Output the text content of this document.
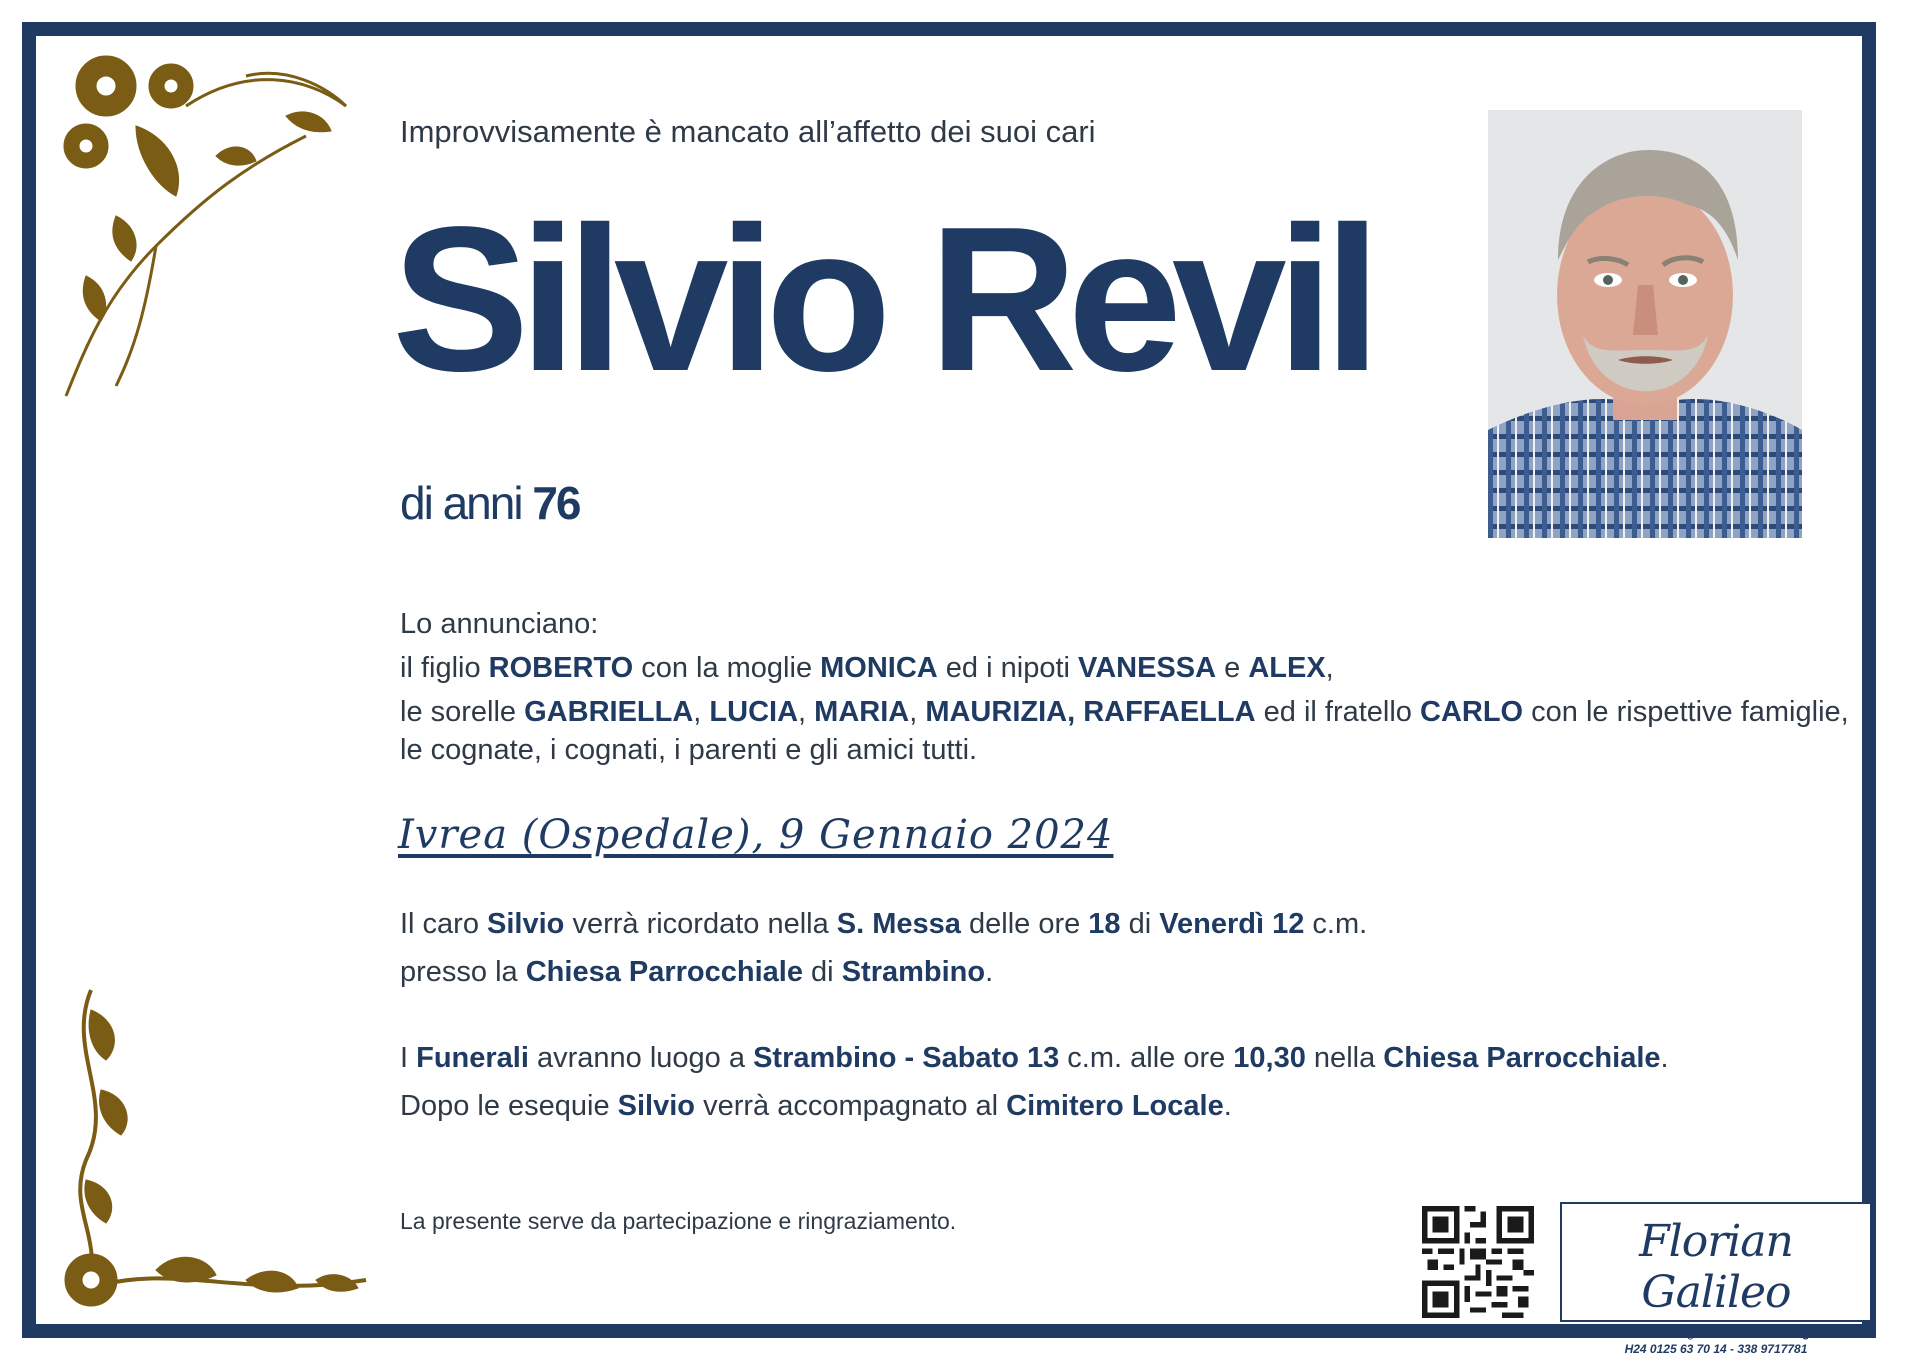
Improvvisamente è mancato all’affetto dei suoi cari
Silvio Revil
di anni 76
Lo annunciano:
il figlio ROBERTO con la moglie MONICA ed i nipoti VANESSA e ALEX,
le sorelle GABRIELLA, LUCIA, MARIA, MAURIZIA, RAFFAELLA ed il fratello CARLO con le rispettive famiglie,
le cognate, i cognati, i parenti e gli amici tutti.
Ivrea (Ospedale), 9 Gennaio 2024
Il caro Silvio verrà ricordato nella S. Messa delle ore 18 di Venerdì 12 c.m.
presso la Chiesa Parrocchiale di Strambino.
I Funerali avranno luogo a Strambino - Sabato 13 c.m. alle ore 10,30 nella Chiesa Parrocchiale.
Dopo le esequie Silvio verrà accompagnato al Cimitero Locale.
La presente serve da partecipazione e ringraziamento.	Florian Galileo
Per vedere i necrologi vai su www.floriangalileo.it
H24 0125 63 70 14 - 338 9717781
